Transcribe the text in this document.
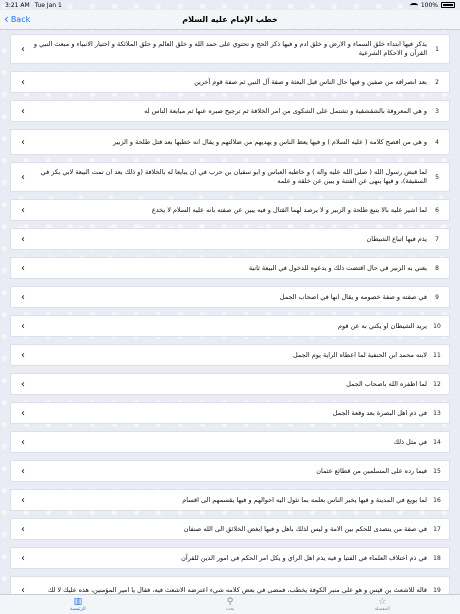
3:21 AM Tue Jan 1	100%
‹ Back	خطب الإمام عليه السلام
1
يذكر فيها ابتداء خلق السماء و الارض و خلق ادم و فيها ذكر الحج و تحتوي على حمد الله و خلق العالم و خلق الملائكة و اختيار الانبياء و مبعث النبي و القرآن و الاحكام الشرعية
‹
2
بعد انصرافه من صفين و فيها حال الناس قبل البعثة و صفة آل النبي ثم صفة قوم آخرين
‹
3
و هي المعروفة بالشقشقية و تشتمل على الشكوى من امر الخلافة ثم ترجيح صبره عنها ثم مبايعة الناس له
‹
4
و هي من افصح كلامه ( عليه السلام ) و فيها يعظ الناس و يهديهم من ضلالتهم و يقال انه خطبها بعد قتل طلحة و الزبير
‹
5
لما قبض رسول الله ( صلى الله عليه واله ) و خاطبه العباس و ابو سفيان بن حرب في ان يبايعا له بالخلافة (و ذلك بعد ان تمت البيعة لابي بكر في السقيفة)، و فيها ينهى عن الفتنة و يبين عن خلقه و علمه
‹
6
لما اشير عليه بالا يتبع طلحة و الزبير و لا يرصد لهما القتال و فيه يبين عن صفته بانه عليه السلام لا يخدع
‹
7
يذم فيها اتباع الشيطان
‹
8
يعني به الزبير في حال اقتضت ذلك و يدعوه للدخول في البيعة ثانية
‹
9
في صفته و صفة خصومه و يقال انها في اصحاب الجمل
‹
10
يريد الشيطان او يكني به عن قوم
‹
11
لابنه محمد ابن الحنفية لما اعطاه الراية يوم الجمل
‹
12
لما اظفره الله باصحاب الجمل
‹
13
في ذم اهل البصرة بعد وقعة الجمل
‹
14
في مثل ذلك
‹
15
فيما رده على المسلمين من قطائع عثمان
‹
16
لما بويع في المدينة و فيها يخبر الناس بعلمه بما تئول اليه احوالهم و فيها يقسمهم الى اقسام
‹
17
في صفة من يتصدى للحكم بين الامة و ليس لذلك باهل و فيها ابغض الخلائق الى الله صنفان
‹
18
في ذم اختلاف العلماء في الفتيا و فيه يذم اهل الراي و يكل امر الحكم في امور الدين للقرآن
‹
19
قاله للاشعث بن قيس و هو على منبر الكوفة يخطب، فمضى في بعض كلامه شيء اعترضه الاشعث فيه، فقال يا امير المؤمنين، هذه عليك لا لك
‹
▥
الرئيسية
⚲
بحث
☆
المفضلة
